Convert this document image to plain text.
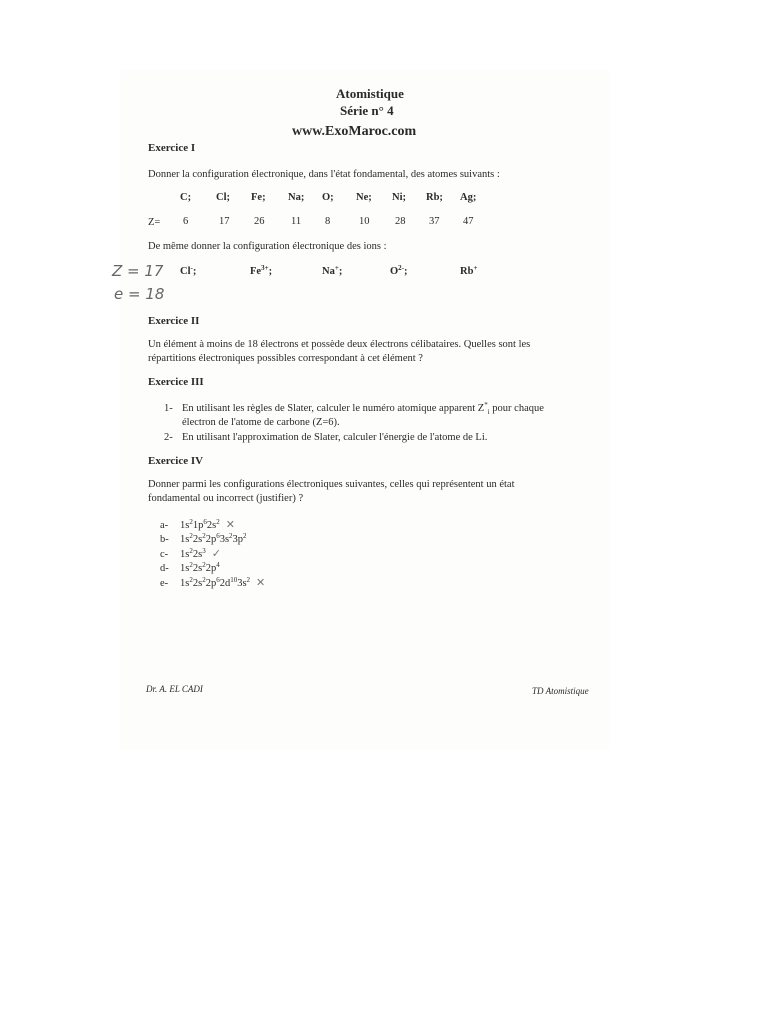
Atomistique
Série n° 4
www.ExoMaroc.com
Exercice I
Donner la configuration électronique, dans l'état fondamental, des atomes suivants :
C; Cl; Fe; Na; O; Ne; Ni; Rb; Ag;
Z= 6	17 26	11 8	10 28 37 47
De même donner la configuration électronique des ions :
Cl-;	$Fe^{3+}$;	Na+;	$O^{2-}$;	Rb+
Z = 17
e = 18
Exercice II
Un élément à moins de 18 électrons et possède deux électrons célibataires. Quelles sont les
répartitions électroniques possibles correspondant à cet élément ?
Exercice III
1- En utilisant les règles de Slater, calculer le numéro atomique apparent $Z^*_i$ pour chaque
électron de l'atome de carbone (Z=6).
2- En utilisant l'approximation de Slater, calculer l'énergie de l'atome de Li.
Exercice IV
Donner parmi les configurations électroniques suivantes, celles qui représentent un état
fondamental ou incorrect (justifier) ?
a- $1s^21p^62s^2$ ✕
b- $1s^22s^22p^63s^23p^2$
c- $1s^22s^3$ ✓
d- $1s^22s^22p^4$
e- $1s^22s^22p^62d^{10}3s^2$ ✕
Dr. A. EL CADI	TD Atomistique
